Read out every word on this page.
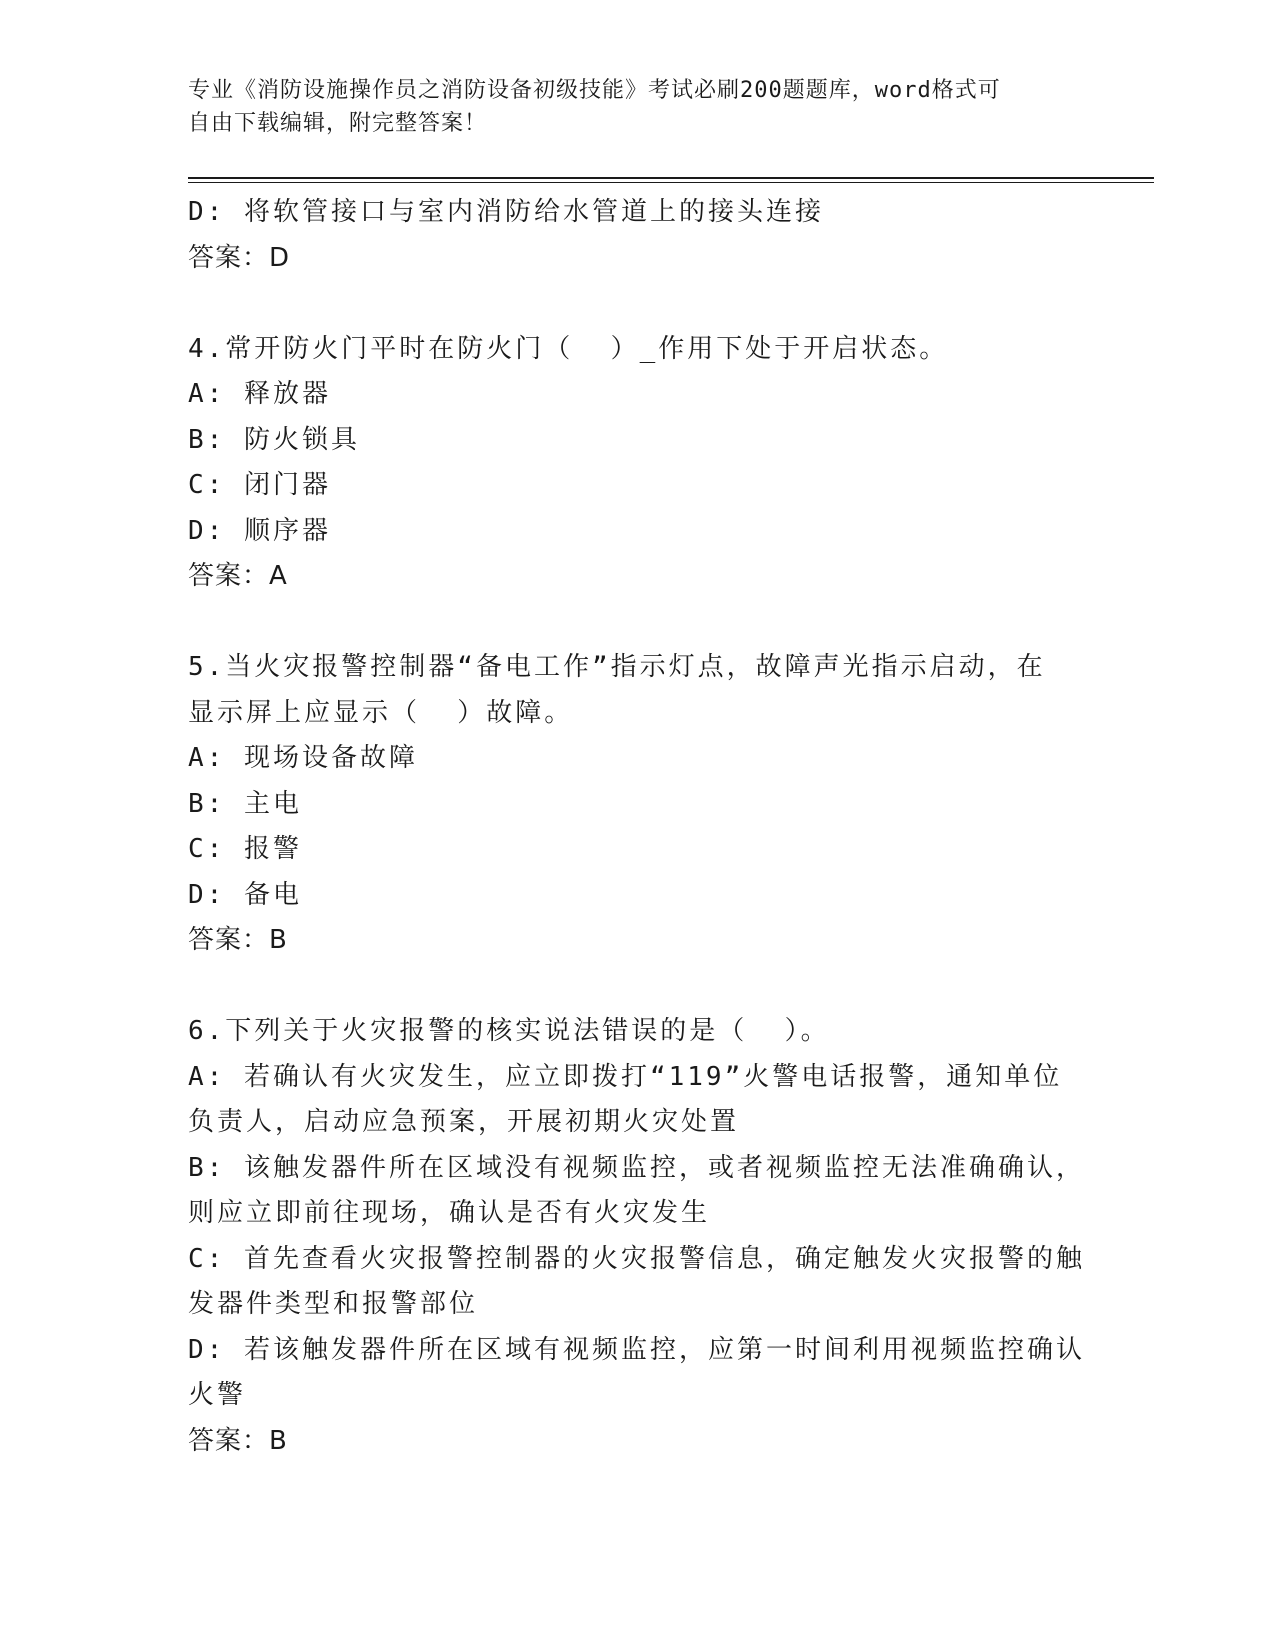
专业《消防设施操作员之消防设备初级技能》考试必刷200题题库，word格式可
自由下载编辑，附完整答案！
D: 将软管接口与室内消防给水管道上的接头连接
答案：D
4.常开防火门平时在防火门（  ）_作用下处于开启状态。
A: 释放器
B: 防火锁具
C: 闭门器
D: 顺序器
答案：A
5.当火灾报警控制器“备电工作”指示灯点，故障声光指示启动，在
显示屏上应显示（  ）故障。
A: 现场设备故障
B: 主电
C: 报警
D: 备电
答案：B
6.下列关于火灾报警的核实说法错误的是（  ）。
A: 若确认有火灾发生，应立即拨打“119”火警电话报警，通知单位
负责人，启动应急预案，开展初期火灾处置
B: 该触发器件所在区域没有视频监控，或者视频监控无法准确确认，
则应立即前往现场，确认是否有火灾发生
C: 首先查看火灾报警控制器的火灾报警信息，确定触发火灾报警的触
发器件类型和报警部位
D: 若该触发器件所在区域有视频监控，应第一时间利用视频监控确认
火警
答案：B
